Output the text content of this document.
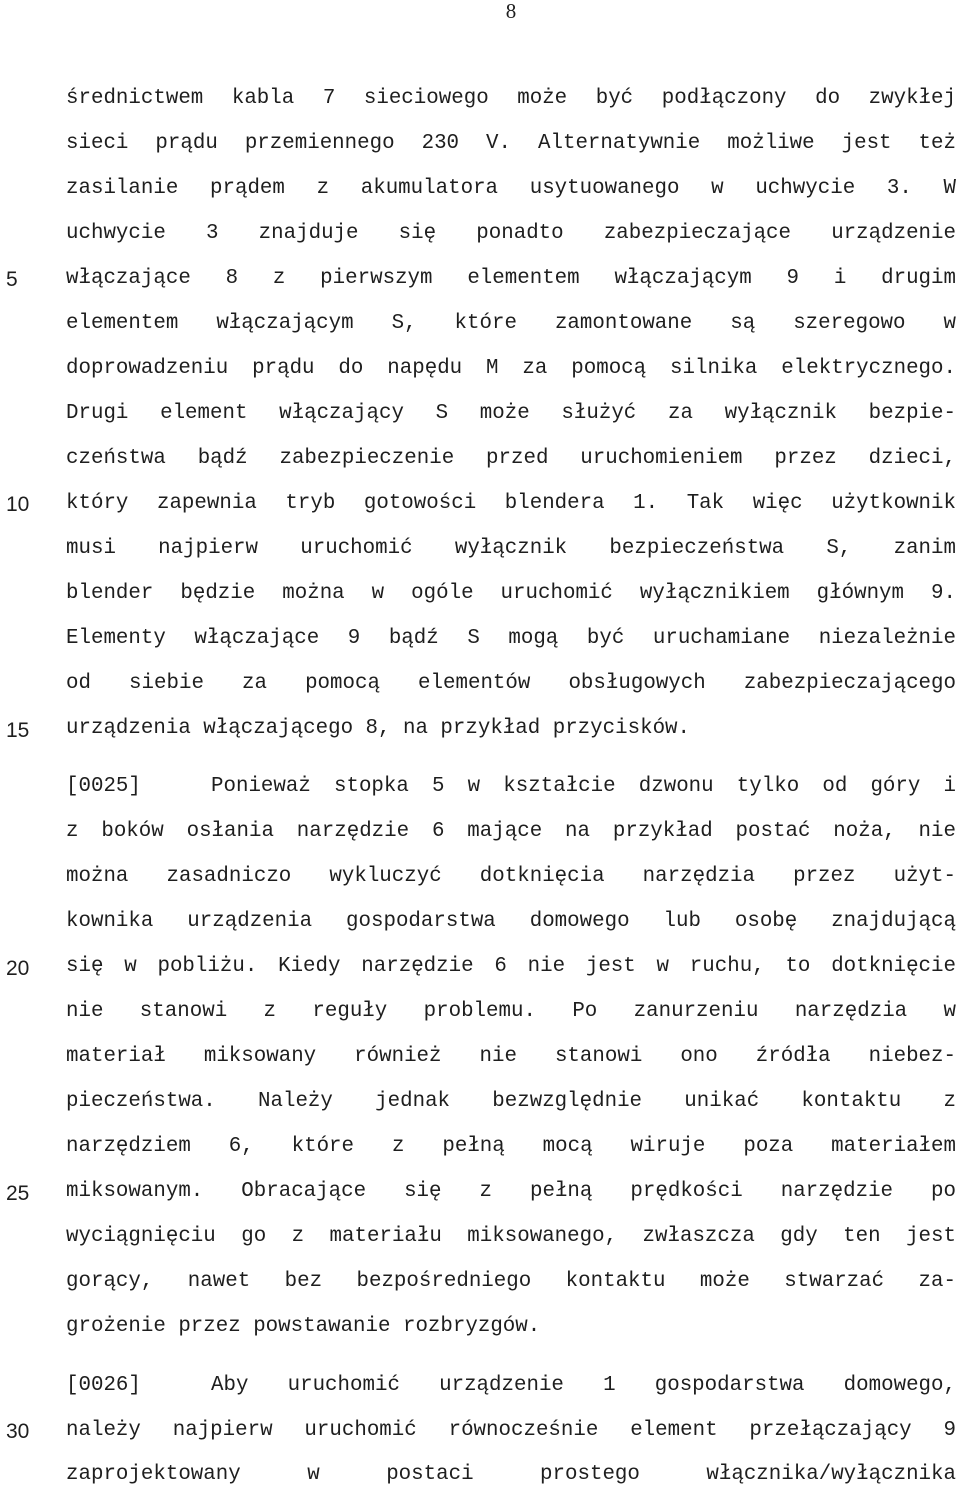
8
5
10
15
20
25
30
średnictwem kabla 7 sieciowego może być podłączony do zwykłej
sieci prądu przemiennego 230 V. Alternatywnie możliwe jest też
zasilanie prądem z akumulatora usytuowanego w uchwycie 3. W
uchwycie 3 znajduje się ponadto zabezpieczające urządzenie
włączające 8 z pierwszym elementem włączającym 9 i drugim
elementem włączającym S, które zamontowane są szeregowo w
doprowadzeniu prądu do napędu M za pomocą silnika elektrycznego.
Drugi element włączający S może służyć za wyłącznik bezpie-
czeństwa bądź zabezpieczenie przed uruchomieniem przez dzieci,
który zapewnia tryb gotowości blendera 1. Tak więc użytkownik
musi najpierw uruchomić wyłącznik bezpieczeństwa S, zanim
blender będzie można w ogóle uruchomić wyłącznikiem głównym 9.
Elementy włączające 9 bądź S mogą być uruchamiane niezależnie
od siebie za pomocą elementów obsługowych zabezpieczającego
urządzenia włączającego 8, na przykład przycisków.
[0025]	Ponieważ stopka 5 w kształcie dzwonu tylko od góry i
z boków osłania narzędzie 6 mające na przykład postać noża, nie
można zasadniczo wykluczyć dotknięcia narzędzia przez użyt-
kownika urządzenia gospodarstwa domowego lub osobę znajdującą
się w pobliżu. Kiedy narzędzie 6 nie jest w ruchu, to dotknięcie
nie stanowi z reguły problemu. Po zanurzeniu narzędzia w
materiał miksowany również nie stanowi ono źródła niebez-
pieczeństwa. Należy jednak bezwzględnie unikać kontaktu z
narzędziem 6, które z pełną mocą wiruje poza materiałem
miksowanym. Obracające się z pełną prędkości narzędzie po
wyciągnięciu go z materiału miksowanego, zwłaszcza gdy ten jest
gorący, nawet bez bezpośredniego kontaktu może stwarzać za-
grożenie przez powstawanie rozbryzgów.
[0026]	Aby uruchomić urządzenie 1 gospodarstwa domowego,
należy najpierw uruchomić równocześnie element przełączający 9
zaprojektowany w postaci prostego włącznika/wyłącznika
